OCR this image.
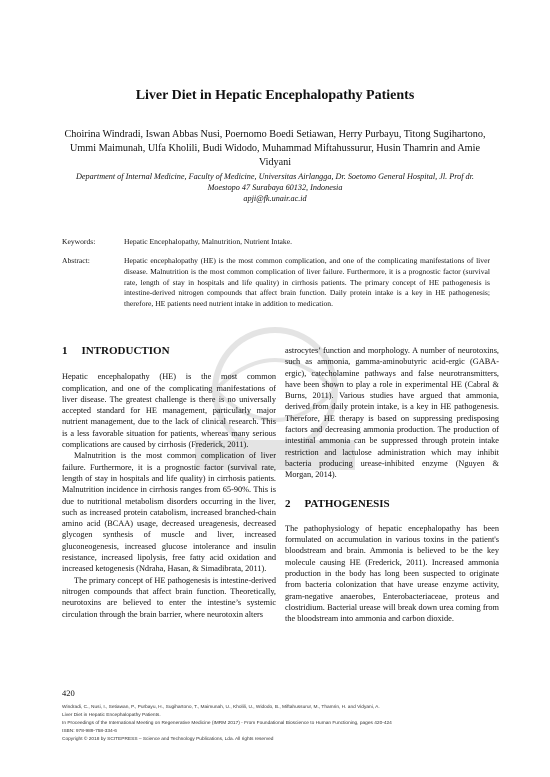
Liver Diet in Hepatic Encephalopathy Patients
Choirina Windradi, Iswan Abbas Nusi, Poernomo Boedi Setiawan, Herry Purbayu, Titong Sugihartono, Ummi Maimunah, Ulfa Kholili, Budi Widodo, Muhammad Miftahussurur, Husin Thamrin and Amie Vidyani
Department of Internal Medicine, Faculty of Medicine, Universitas Airlangga, Dr. Soetomo General Hospital, Jl. Prof dr.
Moestopo 47 Surabaya 60132, Indonesia
apji@fk.unair.ac.id
Keywords:	Hepatic Encephalopathy, Malnutrition, Nutrient Intake.
Abstract:	Hepatic encephalopathy (HE) is the most common complication, and one of the complicating manifestations of liver disease. Malnutrition is the most common complication of liver failure. Furthermore, it is a prognostic factor (survival rate, length of stay in hospitals and life quality) in cirrhosis patients. The primary concept of HE pathogenesis is intestine-derived nitrogen compounds that affect brain function. Daily protein intake is a key in HE pathogenesis; therefore, HE patients need nutrient intake in addition to medication.
1 INTRODUCTION

Hepatic encephalopathy (HE) is the most common complication, and one of the complicating manifestations of liver disease. The greatest challenge is there is no universally accepted standard for HE management, particularly major nutrient management, due to the lack of clinical research. This is a less favorable situation for patients, whereas many serious complications are caused by cirrhosis (Frederick, 2011).

Malnutrition is the most common complication of liver failure. Furthermore, it is a prognostic factor (survival rate, length of stay in hospitals and life quality) in cirrhosis patients. Malnutrition incidence in cirrhosis ranges from 65-90%. This is due to nutritional metabolism disorders occurring in the liver, such as increased protein catabolism, increased branched-chain amino acid (BCAA) usage, decreased ureagenesis, decreased glycogen synthesis of muscle and liver, increased gluconeogenesis, increased glucose intolerance and insulin resistance, increased lipolysis, free fatty acid oxidation and increased ketogenesis (Ndraha, Hasan, & Simadibrata, 2011).

The primary concept of HE pathogenesis is intestine-derived nitrogen compounds that affect brain function. Theoretically, neurotoxins are believed to enter the intestine’s systemic circulation through the brain barrier, where neurotoxin alters

astrocytes’ function and morphology. A number of neurotoxins, such as ammonia, gamma-aminobutyric acid-ergic (GABA-ergic), catecholamine pathways and false neurotransmitters, have been shown to play a role in experimental HE (Cabral & Burns, 2011). Various studies have argued that ammonia, derived from daily protein intake, is a key in HE pathogenesis. Therefore, HE therapy is based on suppressing predisposing factors and decreasing ammonia production. The production of intestinal ammonia can be suppressed through protein intake restriction and lactulose administration which may inhibit bacteria producing urease-inhibited enzyme (Nguyen & Morgan, 2014).

2 PATHOGENESIS

The pathophysiology of hepatic encephalopathy has been formulated on accumulation in various toxins in the patient's bloodstream and brain. Ammonia is believed to be the key molecule causing HE (Frederick, 2011). Increased ammonia production in the body has long been suspected to originate from bacteria colonization that have urease enzyme activity, gram-negative anaerobes, Enterobacteriaceae, proteus and clostridium. Bacterial urease will break down urea coming from the bloodstream into ammonia and carbon dioxide.

420
Windradi, C., Nusi, I., Setiawan, P., Purbayu, H., Sugihartono, T., Maimunah, U., Kholili, U., Widodo, B., Miftahussurur, M., Thamrin, H. and Vidyani, A.
Liver Diet in Hepatic Encephalopathy Patients.
In Proceedings of the International Meeting on Regenerative Medicine (IMRM 2017) - From Foundational Bioscience to Human Functioning, pages 420-424
ISBN: 978-989-758-334-6
Copyright © 2018 by SCITEPRESS – Science and Technology Publications, Lda. All rights reserved
